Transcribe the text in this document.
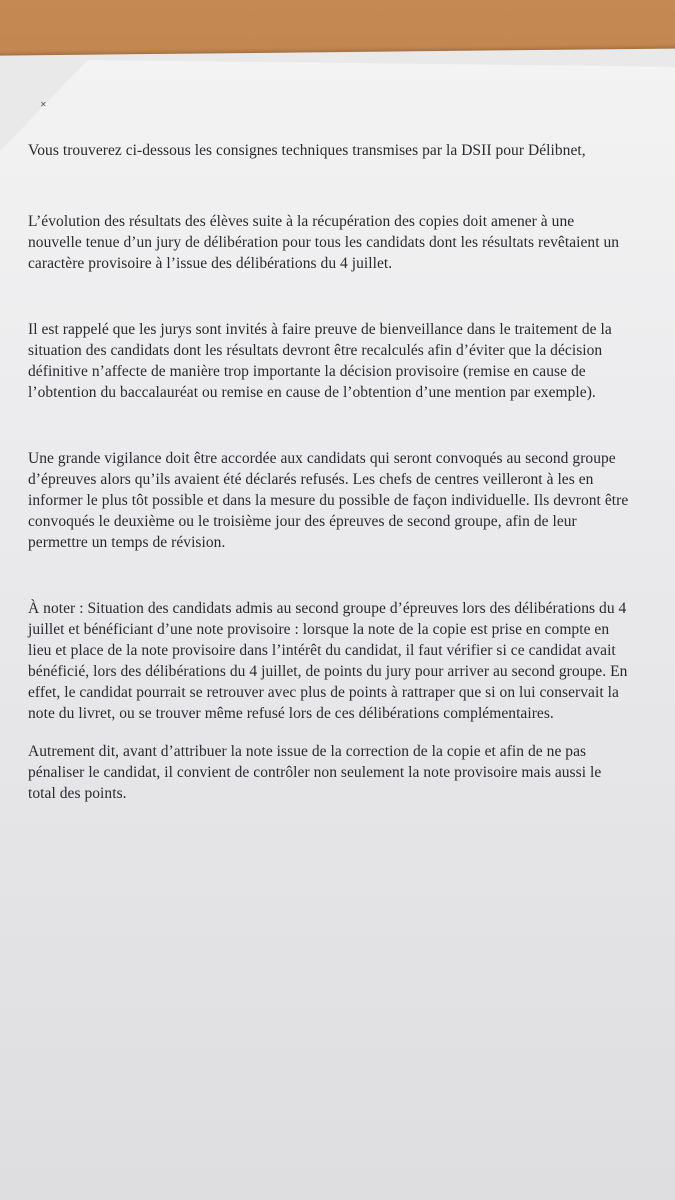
✕

Vous trouverez ci-dessous les consignes techniques transmises par la DSII pour Délibnet,

L’évolution des résultats des élèves suite à la récupération des copies doit amener à une
nouvelle tenue d’un jury de délibération pour tous les candidats dont les résultats revêtaient un
caractère provisoire à l’issue des délibérations du 4 juillet.

Il est rappelé que les jurys sont invités à faire preuve de bienveillance dans le traitement de la
situation des candidats dont les résultats devront être recalculés afin d’éviter que la décision
définitive n’affecte de manière trop importante la décision provisoire (remise en cause de
l’obtention du baccalauréat ou remise en cause de l’obtention d’une mention par exemple).

Une grande vigilance doit être accordée aux candidats qui seront convoqués au second groupe
d’épreuves alors qu’ils avaient été déclarés refusés. Les chefs de centres veilleront à les en
informer le plus tôt possible et dans la mesure du possible de façon individuelle. Ils devront être
convoqués le deuxième ou le troisième jour des épreuves de second groupe, afin de leur
permettre un temps de révision.

À noter : Situation des candidats admis au second groupe d’épreuves lors des délibérations du 4
juillet et bénéficiant d’une note provisoire : lorsque la note de la copie est prise en compte en
lieu et place de la note provisoire dans l’intérêt du candidat, il faut vérifier si ce candidat avait
bénéficié, lors des délibérations du 4 juillet, de points du jury pour arriver au second groupe. En
effet, le candidat pourrait se retrouver avec plus de points à rattraper que si on lui conservait la
note du livret, ou se trouver même refusé lors de ces délibérations complémentaires.

Autrement dit, avant d’attribuer la note issue de la correction de la copie et afin de ne pas
pénaliser le candidat, il convient de contrôler non seulement la note provisoire mais aussi le
total des points.
